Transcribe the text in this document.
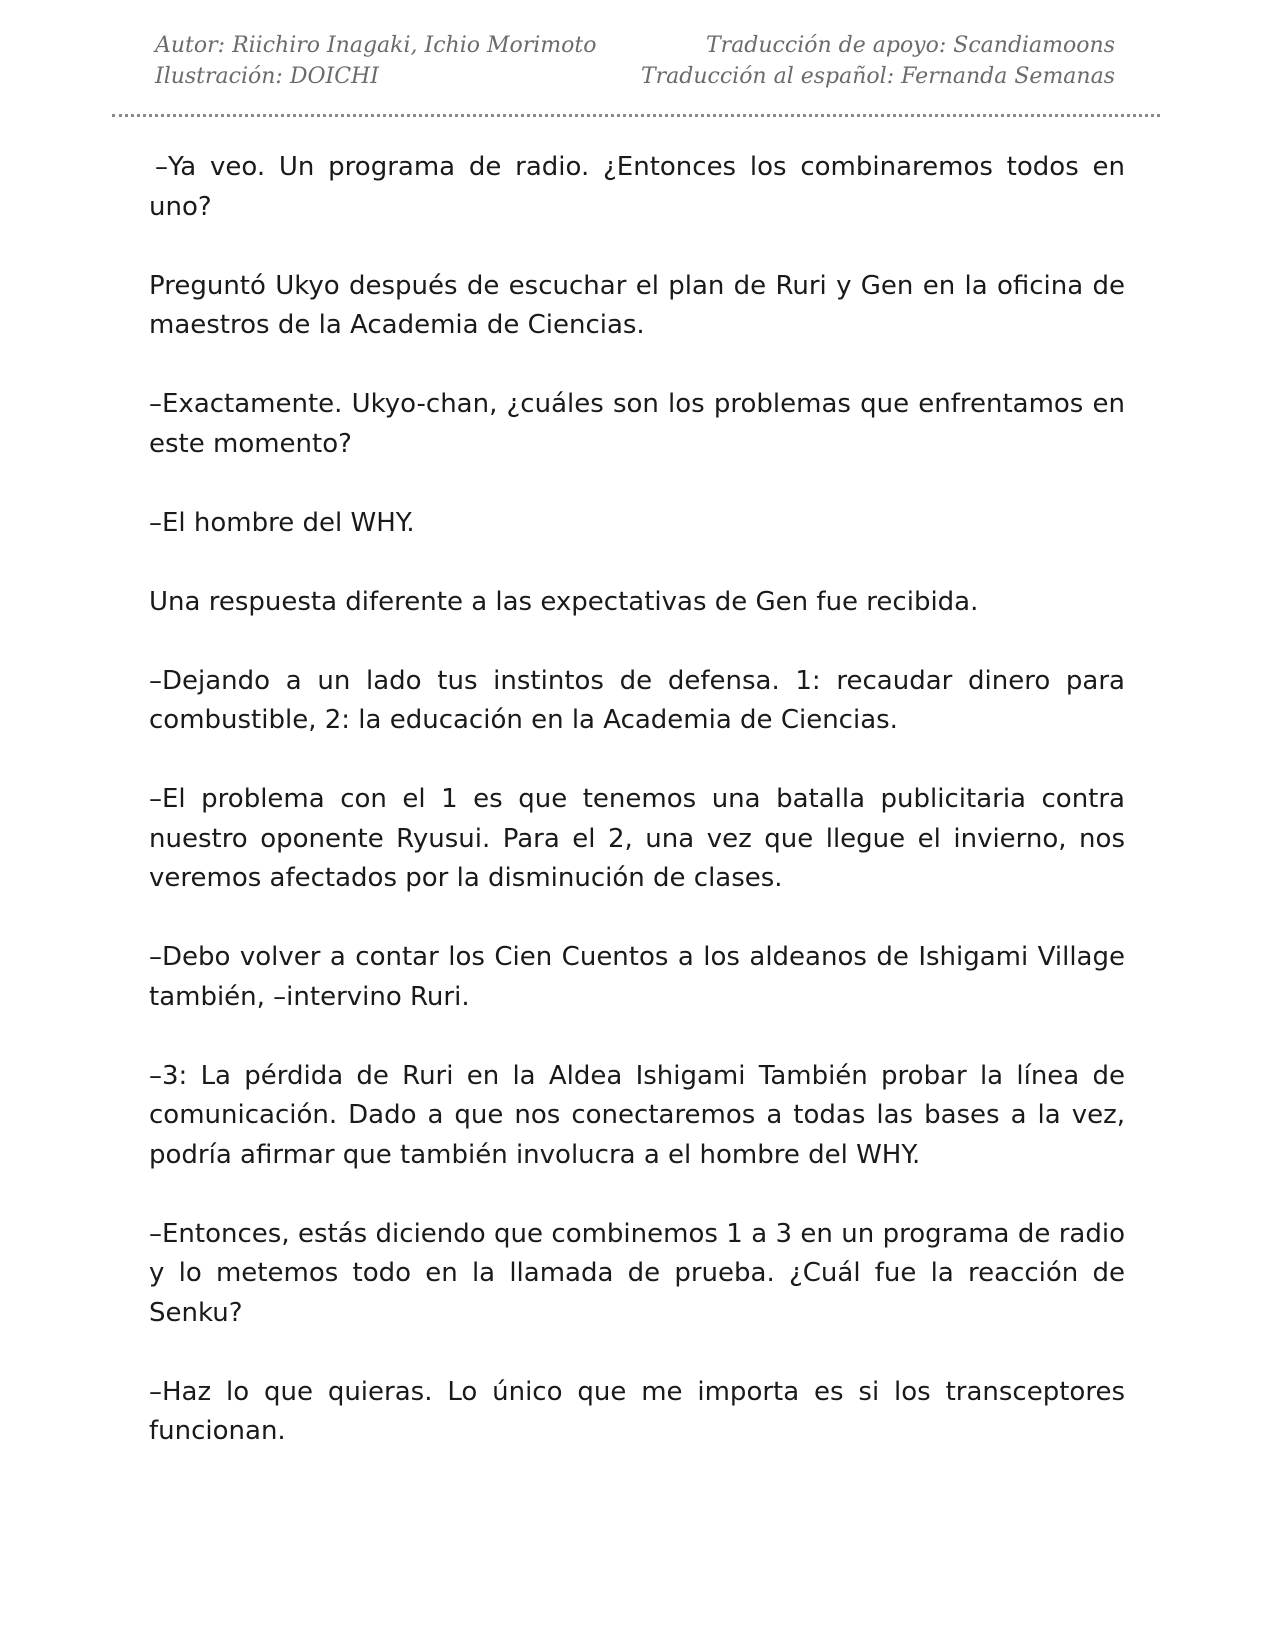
Autor: Riichiro Inagaki, Ichio Morimoto
Ilustración: DOICHI
Traducción de apoyo: Scandiamoons
Traducción al español: Fernanda Semanas

–Ya veo. Un programa de radio. ¿Entonces los combinaremos todos en uno?

Preguntó Ukyo después de escuchar el plan de Ruri y Gen en la oficina de maestros de la Academia de Ciencias.

–Exactamente. Ukyo-chan, ¿cuáles son los problemas que enfrentamos en este momento?

–El hombre del WHY.

Una respuesta diferente a las expectativas de Gen fue recibida.

–Dejando a un lado tus instintos de defensa. 1: recaudar dinero para combustible, 2: la educación en la Academia de Ciencias.

–El problema con el 1 es que tenemos una batalla publicitaria contra nuestro oponente Ryusui. Para el 2, una vez que llegue el invierno, nos veremos afectados por la disminución de clases.

–Debo volver a contar los Cien Cuentos a los aldeanos de Ishigami Village también, –intervino Ruri.

–3: La pérdida de Ruri en la Aldea Ishigami También probar la línea de comunicación. Dado a que nos conectaremos a todas las bases a la vez, podría afirmar que también involucra a el hombre del WHY.

–Entonces, estás diciendo que combinemos 1 a 3 en un programa de radio y lo metemos todo en la llamada de prueba. ¿Cuál fue la reacción de Senku?

–Haz lo que quieras. Lo único que me importa es si los transceptores funcionan.
